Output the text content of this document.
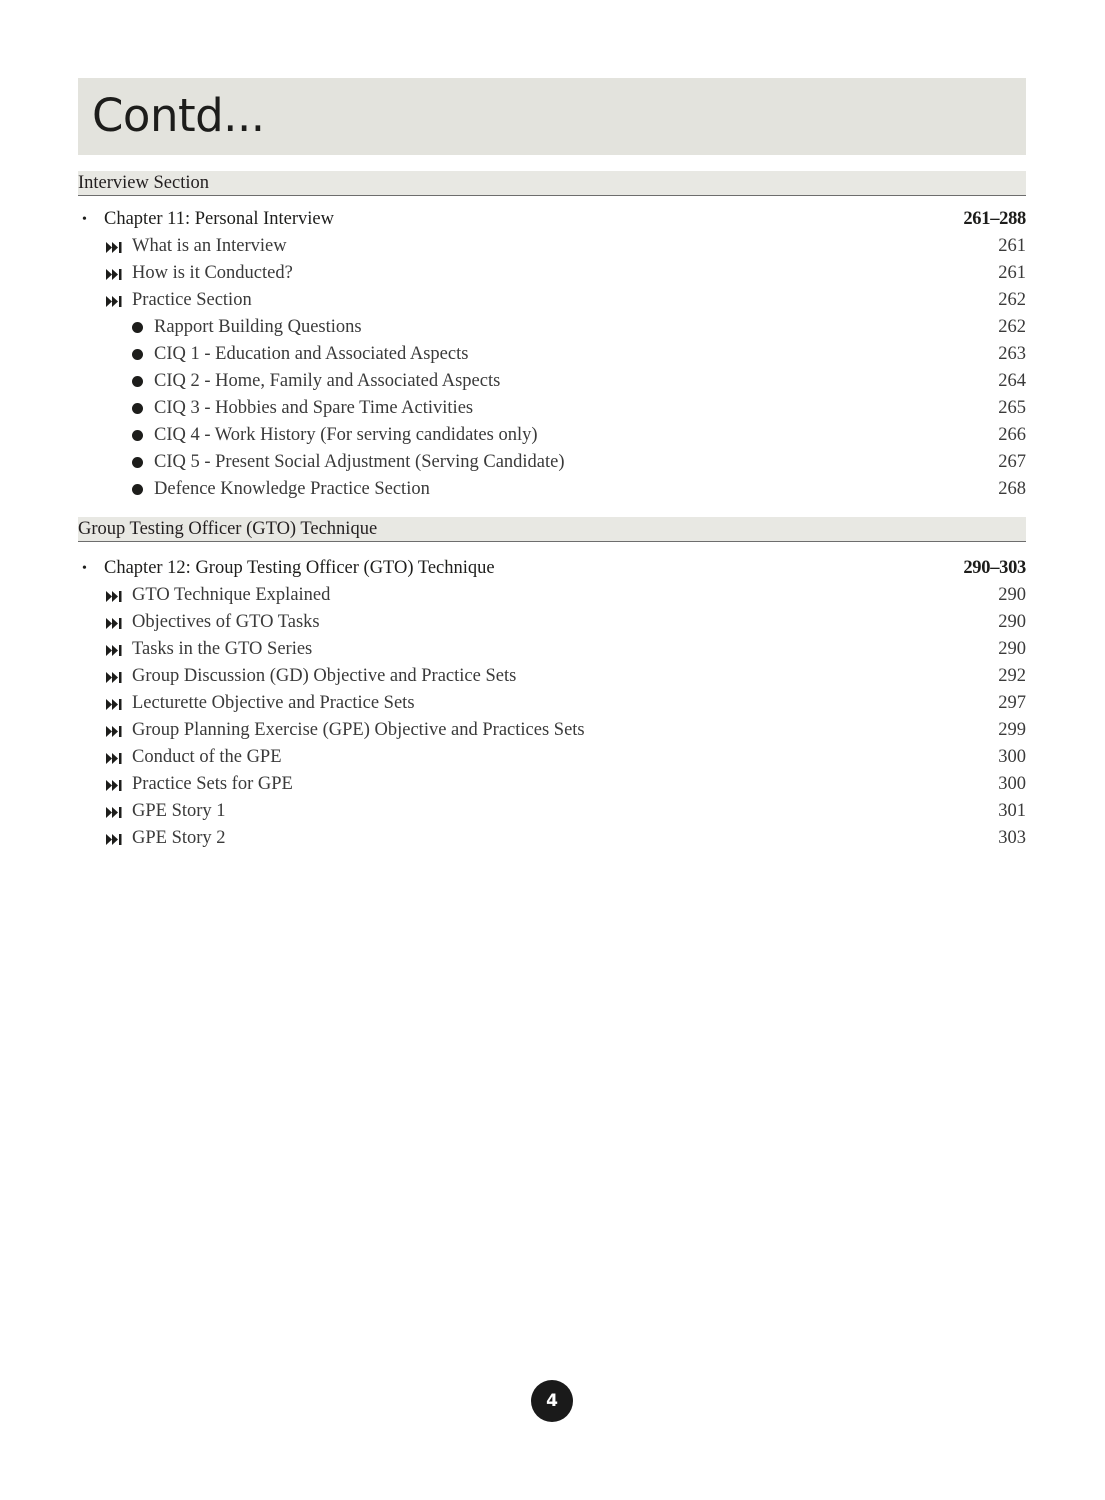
Contd...
Interview Section
• Chapter 11: Personal Interview	261–288
What is an Interview	261
How is it Conducted?	261
Practice Section	262
Rapport Building Questions	262
CIQ 1 - Education and Associated Aspects	263
CIQ 2 - Home, Family and Associated Aspects	264
CIQ 3 - Hobbies and Spare Time Activities	265
CIQ 4 - Work History (For serving candidates only)	266
CIQ 5 - Present Social Adjustment (Serving Candidate)	267
Defence Knowledge Practice Section	268
Group Testing Officer (GTO) Technique
• Chapter 12: Group Testing Officer (GTO) Technique	290–303
GTO Technique Explained	290
Objectives of GTO Tasks	290
Tasks in the GTO Series	290
Group Discussion (GD) Objective and Practice Sets	292
Lecturette Objective and Practice Sets	297
Group Planning Exercise (GPE) Objective and Practices Sets	299
Conduct of the GPE	300
Practice Sets for GPE	300
GPE Story 1	301
GPE Story 2	303
4
